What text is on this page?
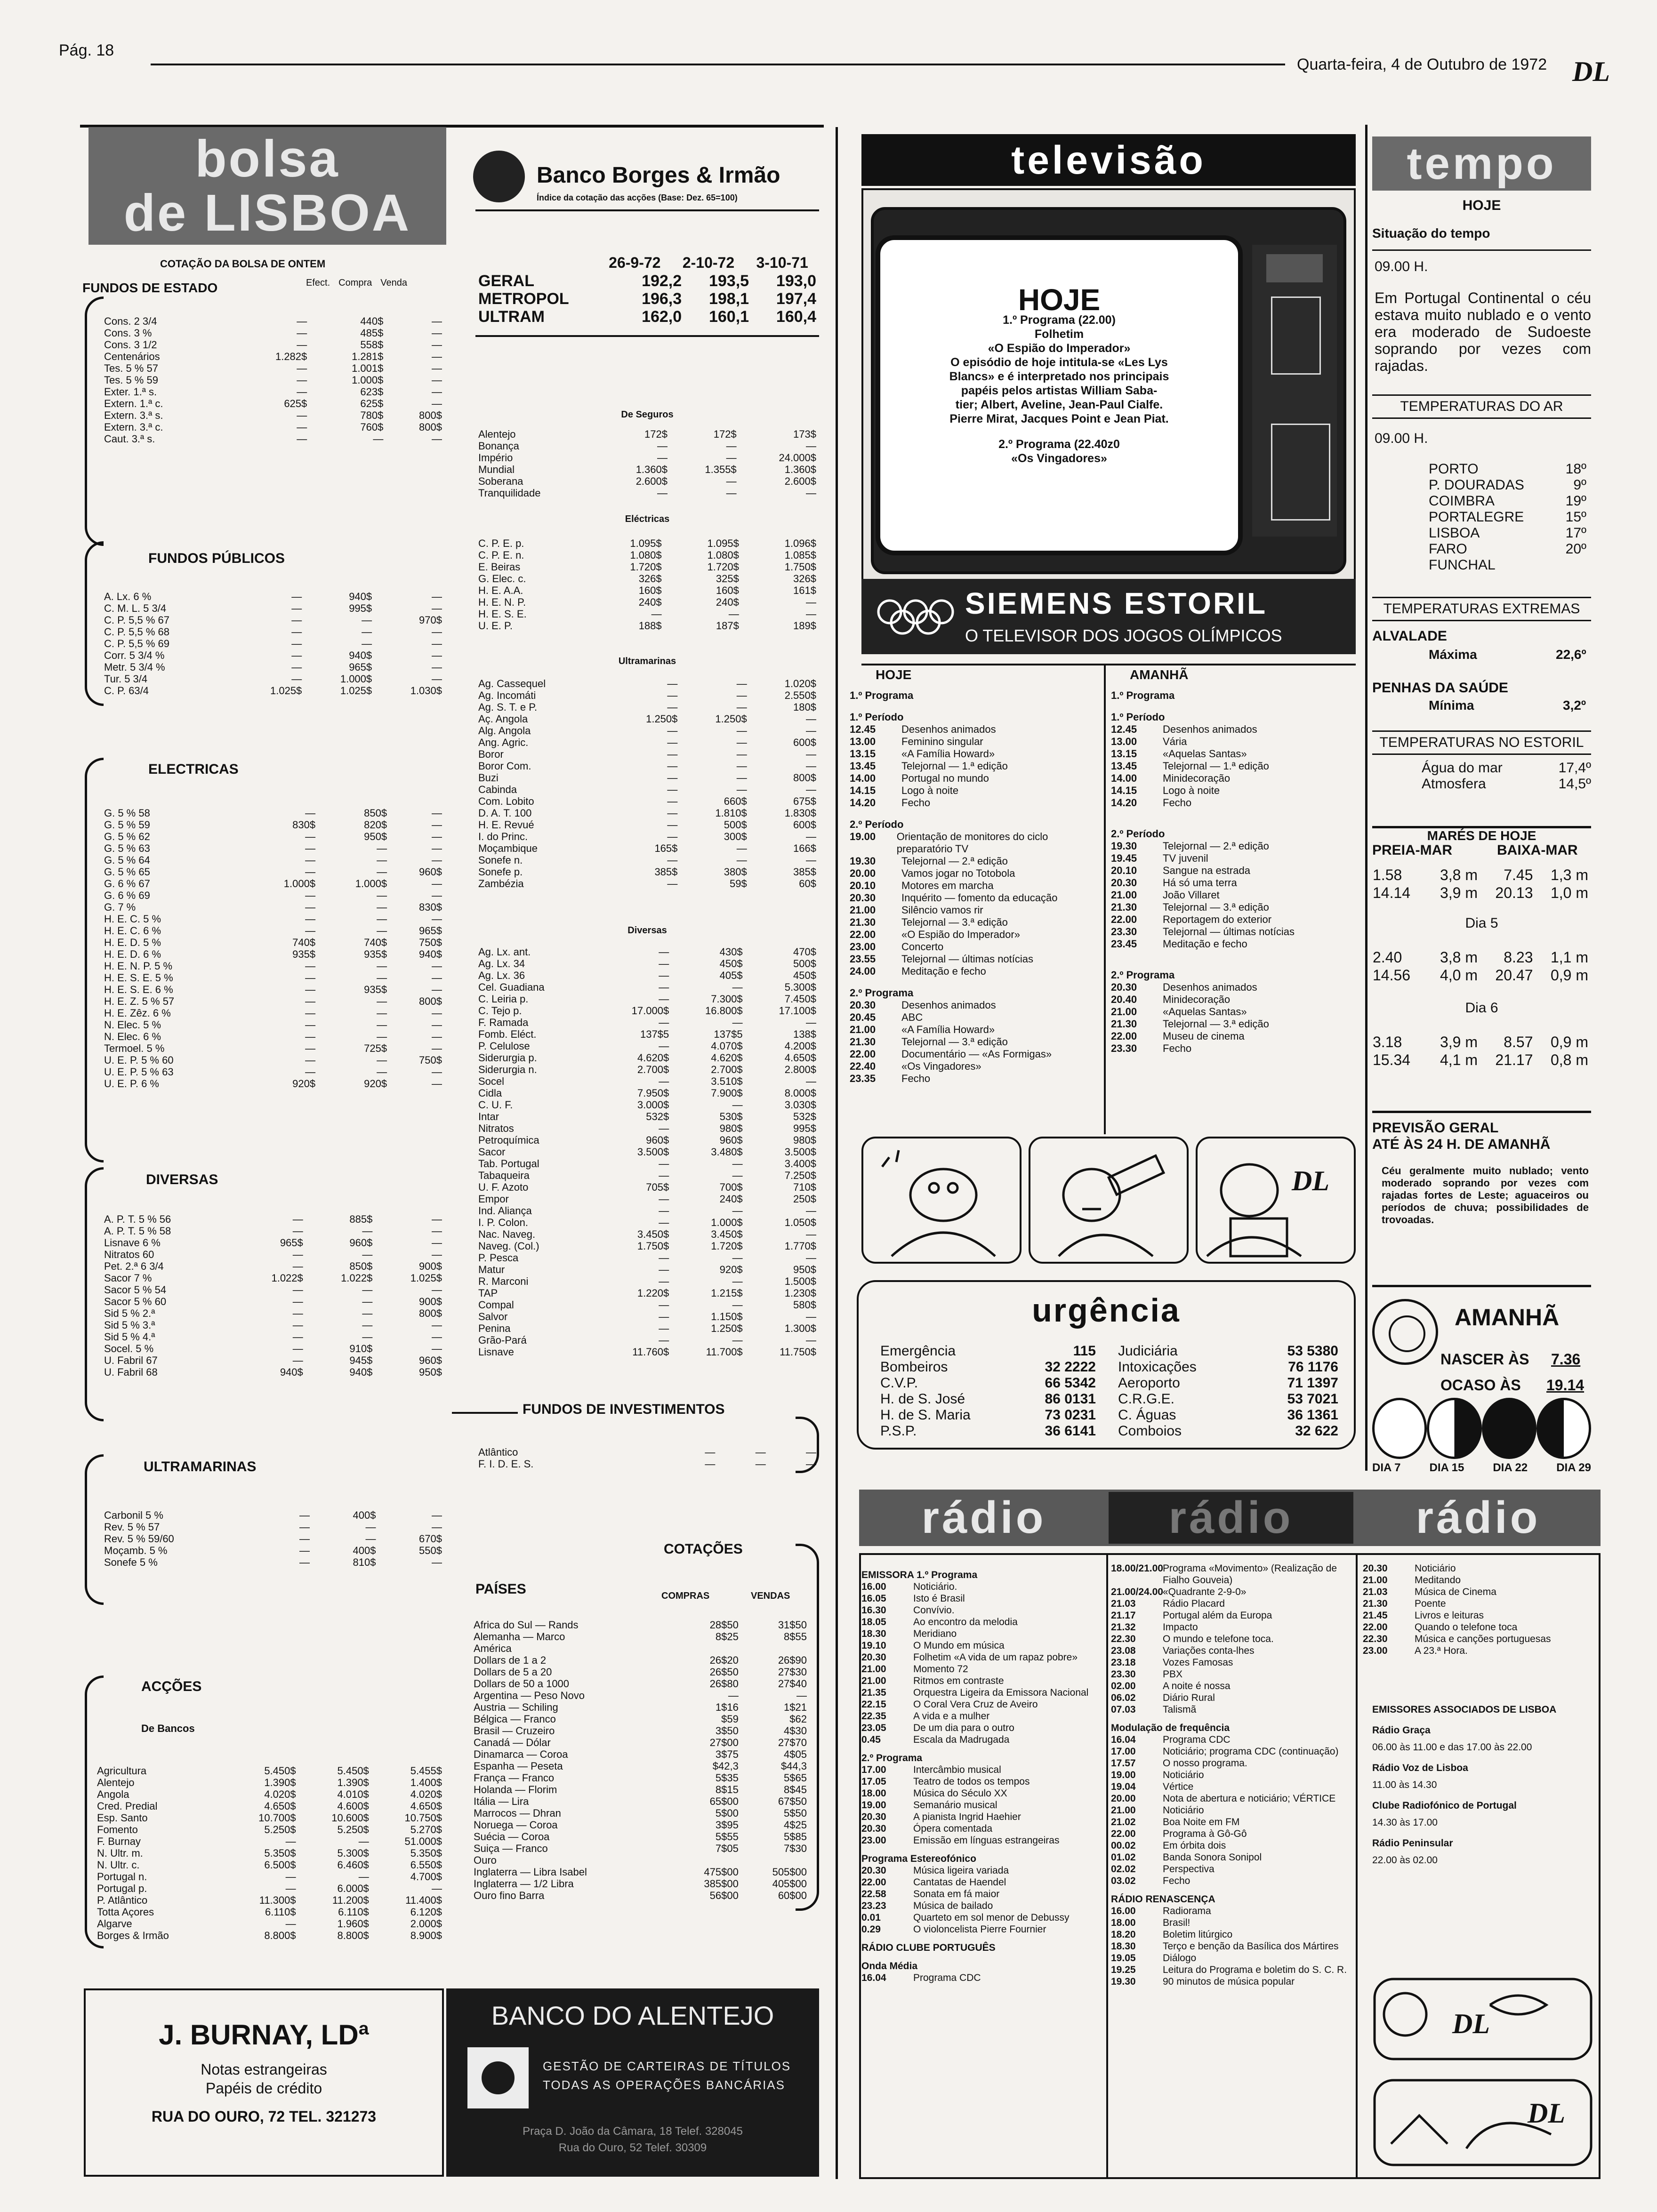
Pág. 18
Quarta-feira, 4 de Outubro de 1972 DL
bolsa
de LISBOA
COTAÇÃO DA BOLSA DE ONTEM
FUNDOS DE ESTADO	Efect. Compra Venda
Cons. 2 3/4	—	440$	—
Cons. 3 %	—	485$	—
Cons. 3 1/2	—	558$	—
Centenários	1.282$	1.281$	—
Tes. 5 % 57	—	1.001$	—
Tes. 5 % 59	—	1.000$	—
Exter. 1.ª s.	—	623$	—
Extern. 1.ª c.	625$	625$	—
Extern. 3.ª s.	—	780$	800$
Extern. 3.ª c.	—	760$	800$
Caut. 3.ª s.	—	—	—
FUNDOS PÚBLICOS
A. Lx. 6 %	—	940$	—
C. M. L. 5 3/4	—	995$	—
C. P. 5,5 % 67	—	—	970$
C. P. 5,5 % 68	—	—	—
C. P. 5,5 % 69	—	—	—
Corr. 5 3/4 %	—	940$	—
Metr. 5 3/4 %	—	965$	—
Tur. 5 3/4	—	1.000$	—
C. P. 63/4	1.025$	1.025$	1.030$
ELECTRICAS
G. 5 % 58	—	850$	—
G. 5 % 59	830$	820$	—
G. 5 % 62	—	950$	—
G. 5 % 63	—	—	—
G. 5 % 64	—	—	—
G. 5 % 65	—	—	960$
G. 6 % 67	1.000$	1.000$	—
G. 6 % 69	—	—	—
G. 7 %	—	—	830$
H. E. C. 5 %	—	—	—
H. E. C. 6 %	—	—	965$
H. E. D. 5 %	740$	740$	750$
H. E. D. 6 %	935$	935$	940$
H. E. N. P. 5 %	—	—	—
H. E. S. E. 5 %	—	—	—
H. E. S. E. 6 %	—	935$	—
H. E. Z. 5 % 57	—	—	800$
H. E. Zêz. 6 %	—	—	—
N. Elec. 5 %	—	—	—
N. Elec. 6 %	—	—	—
Termoel. 5 %	—	725$	—
U. E. P. 5 % 60	—	—	750$
U. E. P. 5 % 63	—	—	—
U. E. P. 6 %	920$	920$	—
DIVERSAS
A. P. T. 5 % 56	—	885$	—
A. P. T. 5 % 58	—	—	—
Lisnave 6 %	965$	960$	—
Nitratos 60	—	—	—
Pet. 2.ª 6 3/4	—	850$	900$
Sacor 7 %	1.022$	1.022$	1.025$
Sacor 5 % 54	—	—	—
Sacor 5 % 60	—	—	900$
Sid 5 % 2.ª	—	—	800$
Sid 5 % 3.ª	—	—	—
Sid 5 % 4.ª	—	—	—
Socel. 5 %	—	910$	—
U. Fabril 67	—	945$	960$
U. Fabril 68	940$	940$	950$
ULTRAMARINAS
Carbonil 5 %	—	400$	—
Rev. 5 % 57	—	—	—
Rev. 5 % 59/60	—	—	670$
Moçamb. 5 %	—	400$	550$
Sonefe 5 %	—	810$	—
ACÇÕES
De Bancos
Agricultura	5.450$	5.450$	5.455$
Alentejo	1.390$	1.390$	1.400$
Angola	4.020$	4.010$	4.020$
Cred. Predial	4.650$	4.600$	4.650$
Esp. Santo	10.700$	10.600$	10.750$
Fomento	5.250$	5.250$	5.270$
F. Burnay	—	—	51.000$
N. Ultr. m.	5.350$	5.300$	5.350$
N. Ultr. c.	6.500$	6.460$	6.550$
Portugal n.	—	—	4.700$
Portugal p.	—	6.000$	—
P. Atlântico	11.300$	11.200$	11.400$
Totta Açores	6.110$	6.110$	6.120$
Algarve	—	1.960$	2.000$
Borges & Irmão	8.800$	8.800$	8.900$
J. BURNAY, LDª
Notas estrangeiras
Papéis de crédito
RUA DO OURO, 72 TEL. 321273
Banco Borges & Irmão
Índice da cotação das acções (Base: Dez. 65=100)
26-9-72 2-10-72 3-10-71
GERAL	192,2	193,5	193,0
METROPOL	196,3	198,1	197,4
ULTRAM	162,0	160,1	160,4
De Seguros
Alentejo	172$	172$	173$
Bonança	—	—	—
Império	—	—	24.000$
Mundial	1.360$	1.355$	1.360$
Soberana	2.600$	—	2.600$
Tranquilidade	—	—	—
Eléctricas
C. P. E. p.	1.095$	1.095$	1.096$
C. P. E. n.	1.080$	1.080$	1.085$
E. Beiras	1.720$	1.720$	1.750$
G. Elec. c.	326$	325$	326$
H. E. A.A.	160$	160$	161$
H. E. N. P.	240$	240$	—
H. E. S. E.	—	—	—
U. E. P.	188$	187$	189$
Ultramarinas
Ag. Cassequel	—	—	1.020$
Ag. Incomáti	—	—	2.550$
Ag. S. T. e P.	—	—	180$
Aç. Angola	1.250$	1.250$	—
Alg. Angola	—	—	—
Ang. Agric.	—	—	600$
Boror	—	—	—
Boror Com.	—	—	—
Buzi	—	—	800$
Cabinda	—	—	—
Com. Lobito	—	660$	675$
D. A. T. 100	—	1.810$	1.830$
H. E. Revué	—	500$	600$
I. do Princ.	—	300$	—
Moçambique	165$	—	166$
Sonefe n.	—	—	—
Sonefe p.	385$	380$	385$
Zambézia	—	59$	60$
Diversas
Ag. Lx. ant.	—	430$	470$
Ag. Lx. 34	—	450$	500$
Ag. Lx. 36	—	405$	450$
Cel. Guadiana	—	—	5.300$
C. Leiria p.	—	7.300$	7.450$
C. Tejo p.	17.000$	16.800$	17.100$
F. Ramada	—	—	—
Fomb. Eléct.	137$5	137$5	138$
P. Celulose	—	4.070$	4.200$
Siderurgia p.	4.620$	4.620$	4.650$
Siderurgia n.	2.700$	2.700$	2.800$
Socel	—	3.510$	—
Cidla	7.950$	7.900$	8.000$
C. U. F.	3.000$	—	3.030$
Intar	532$	530$	532$
Nitratos	—	980$	995$
Petroquímica	960$	960$	980$
Sacor	3.500$	3.480$	3.500$
Tab. Portugal	—	—	3.400$
Tabaqueira	—	—	7.250$
U. F. Azoto	705$	700$	710$
Empor	—	240$	250$
Ind. Aliança	—	—	—
I. P. Colon.	—	1.000$	1.050$
Nac. Naveg.	3.450$	3.450$	—
Naveg. (Col.)	1.750$	1.720$	1.770$
P. Pesca	—	—	—
Matur	—	920$	950$
R. Marconi	—	—	1.500$
TAP	1.220$	1.215$	1.230$
Compal	—	—	580$
Salvor	—	1.150$	—
Penina	—	1.250$	1.300$
Grão-Pará	—	—	—
Lisnave	11.760$	11.700$	11.750$
FUNDOS DE INVESTIMENTOS
Atlântico	—	—	—
F. I. D. E. S.	—	—	—
COTAÇÕES
PAÍSES	COMPRAS	VENDAS
Africa do Sul — Rands	28$50	31$50
Alemanha — Marco	8$25	8$55
América		
Dollars de 1 a 2	26$20	26$90
Dollars de 5 a 20	26$50	27$30
Dollars de 50 a 1000	26$80	27$40
Argentina — Peso Novo	—	—
Austria — Schiling	1$16	1$21
Bélgica — Franco	$59	$62
Brasil — Cruzeiro	3$50	4$30
Canadá — Dólar	27$00	27$70
Dinamarca — Coroa	3$75	4$05
Espanha — Peseta	$42,3	$44,3
França — Franco	5$35	5$65
Holanda — Florim	8$15	8$45
Itália — Lira	65$00	67$50
Marrocos — Dhran	5$00	5$50
Noruega — Coroa	3$95	4$25
Suécia — Coroa	5$55	5$85
Suiça — Franco	7$05	7$30
Ouro		
Inglaterra — Libra Isabel	475$00	505$00
Inglaterra — 1/2 Libra	385$00	405$00
Ouro fino Barra	56$00	60$00
BANCO DO ALENTEJO
GESTÃO DE CARTEIRAS DE TÍTULOS
TODAS AS OPERAÇÕES BANCÁRIAS
Praça D. João da Câmara, 18 Telef. 328045
Rua do Ouro, 52 Telef. 30309
televisão
HOJE
1.º Programa (22.00)
Folhetim
«O Espião do Imperador»
O episódio de hoje intitula-se «Les Lys
Blancs» e é interpretado nos principais
papéis pelos artistas William Saba-
tier; Albert, Aveline, Jean-Paul Cialfe.
Pierre Mirat, Jacques Point e Jean Piat.
2.º Programa (22.40z0
«Os Vingadores»
SIEMENS ESTORIL
O TELEVISOR DOS JOGOS OLÍMPICOS
HOJE	AMANHÃ
1.º Programa
1.º Período
12.45	Desenhos animados
13.00	Feminino singular
13.15	«A Família Howard»
13.45	Telejornal — 1.ª edição
14.00	Portugal no mundo
14.15	Logo à noite
14.20	Fecho
2.º Período
19.00	Orientação de monitores do ciclo preparatório TV
19.30	Telejornal — 2.ª edição
20.00	Vamos jogar no Totobola
20.10	Motores em marcha
20.30	Inquérito — fomento da educação
21.00	Silêncio vamos rir
21.30	Telejornal — 3.ª edição
22.00	«O Espião do Imperador»
23.00	Concerto
23.55	Telejornal — últimas notícias
24.00	Meditação e fecho
2.º Programa
20.30	Desenhos animados
20.45	ABC
21.00	«A Família Howard»
21.30	Telejornal — 3.ª edição
22.00	Documentário — «As Formigas»
22.40	«Os Vingadores»
23.35	Fecho
1.º Programa
1.º Período
12.45	Desenhos animados
13.00	Vária
13.15	«Aquelas Santas»
13.45	Telejornal — 1.ª edição
14.00	Minidecoração
14.15	Logo à noite
14.20	Fecho
2.º Período
19.30	Telejornal — 2.ª edição
19.45	TV juvenil
20.10	Sangue na estrada
20.30	Há só uma terra
21.00	João Villaret
21.30	Telejornal — 3.ª edição
22.00	Reportagem do exterior
23.30	Telejornal — últimas notícias
23.45	Meditação e fecho
2.º Programa
20.30	Desenhos animados
20.40	Minidecoração
21.00	«Aquelas Santas»
21.30	Telejornal — 3.ª edição
22.00	Museu de cinema
23.30	Fecho
DL
urgência
Emergência	115
Bombeiros	32 2222
C.V.P.	66 5342
H. de S. José	86 0131
H. de S. Maria	73 0231
P.S.P.	36 6141
Judiciária	53 5380
Intoxicações	76 1176
Aeroporto	71 1397
C.R.G.E.	53 7021
C. Águas	36 1361
Comboios	32 622
rádio	rádio	rádio
EMISSORA 1.º Programa
16.00	Noticiário.
16.05	Isto é Brasil
16.30	Convívio.
18.05	Ao encontro da melodia
18.30	Meridiano
19.10	O Mundo em música
20.30	Folhetim «A vida de um rapaz pobre»
21.00	Momento 72
21.00	Ritmos em contraste
21.35	Orquestra Ligeira da Emissora Nacional
22.15	O Coral Vera Cruz de Aveiro
22.35	A vida e a mulher
23.05	De um dia para o outro
0.45	Escala da Madrugada
2.º Programa
17.00	Intercâmbio musical
17.05	Teatro de todos os tempos
18.00	Música do Século XX
19.00	Semanário musical
20.30	A pianista Ingrid Haehier
20.30	Ópera comentada
23.00	Emissão em línguas estrangeiras
Programa Estereofónico
20.30	Música ligeira variada
22.00	Cantatas de Haendel
22.58	Sonata em fá maior
23.23	Música de bailado
0.01	Quarteto em sol menor de Debussy
0.29	O violoncelista Pierre Fournier
RÁDIO CLUBE PORTUGUÊS
Onda Média
16.04	Programa CDC
18.00/21.00 Programa «Movimento» (Realização de Fialho Gouveia)
21.00/24.00 «Quadrante 2-9-0»
21.03	Rádio Placard
21.17	Portugal além da Europa
21.32	Impacto
22.30	O mundo e telefone toca.
23.08	Variações conta-lhes
23.18	Vozes Famosas
23.30	PBX
02.00	A noite é nossa
06.02	Diário Rural
07.03	Talismã
Modulação de frequência
16.04	Programa CDC
17.00	Noticiário; programa CDC (continuação)
17.57	O nosso programa.
19.00	Noticiário
19.04	Vértice
20.00	Nota de abertura e noticiário; VÉRTICE
21.00	Noticiário
21.02	Boa Noite em FM
22.00	Programa à Gô-Gô
00.02	Em órbita dois
01.02	Banda Sonora Sonipol
02.02	Perspectiva
03.02	Fecho
RÁDIO RENASCENÇA
16.00	Radiorama
18.00	Brasil!
18.20	Boletim litúrgico
18.30	Terço e benção da Basílica dos Mártires
19.05	Diálogo
19.25	Leitura do Programa e boletim do S. C. R.
19.30	90 minutos de música popular
20.30	Noticiário
21.00	Meditando
21.03	Música de Cinema
21.30	Poente
21.45	Livros e leituras
22.00	Quando o telefone toca
22.30	Música e canções portuguesas
23.00	A 23.ª Hora.
EMISSORES ASSOCIADOS DE LISBOA
Rádio Graça
06.00 às 11.00 e das 17.00 às 22.00
Rádio Voz de Lisboa
11.00 às 14.30
Clube Radiofónico de Portugal
14.30 às 17.00
Rádio Peninsular
22.00 às 02.00
DL
DL
tempo
HOJE
Situação do tempo
09.00 H.
Em Portugal Continental o céu estava muito nublado e o vento era moderado de Sudoeste soprando por vezes com rajadas.
TEMPERATURAS DO AR
09.00 H.
PORTO	18º
P. DOURADAS	9º
COIMBRA	19º
PORTALEGRE	15º
LISBOA	17º
FARO	20º
FUNCHAL
TEMPERATURAS EXTREMAS
ALVALADE
Máxima	22,6º
PENHAS DA SAÚDE
Mínima	3,2º
TEMPERATURAS NO ESTORIL
Água do mar	17,4º
Atmosfera	14,5º
MARÉS DE HOJE
PREIA-MAR	BAIXA-MAR
1.58	3,8 m	7.45	1,3 m
14.14	3,9 m	20.13	1,0 m
Dia 5
2.40	3,8 m	8.23	1,1 m
14.56	4,0 m	20.47	0,9 m
Dia 6
3.18	3,9 m	8.57	0,9 m
15.34	4,1 m	21.17	0,8 m
PREVISÃO GERAL
ATÉ ÀS 24 H. DE AMANHÃ
Céu geralmente muito nublado; vento moderado soprando por vezes com rajadas fortes de Leste; aguaceiros ou períodos de chuva; possibilidades de trovoadas.
AMANHÃ
NASCER ÀS 7.36
OCASO ÀS 19.14
DIA 7	DIA 15	DIA 22	DIA 29
